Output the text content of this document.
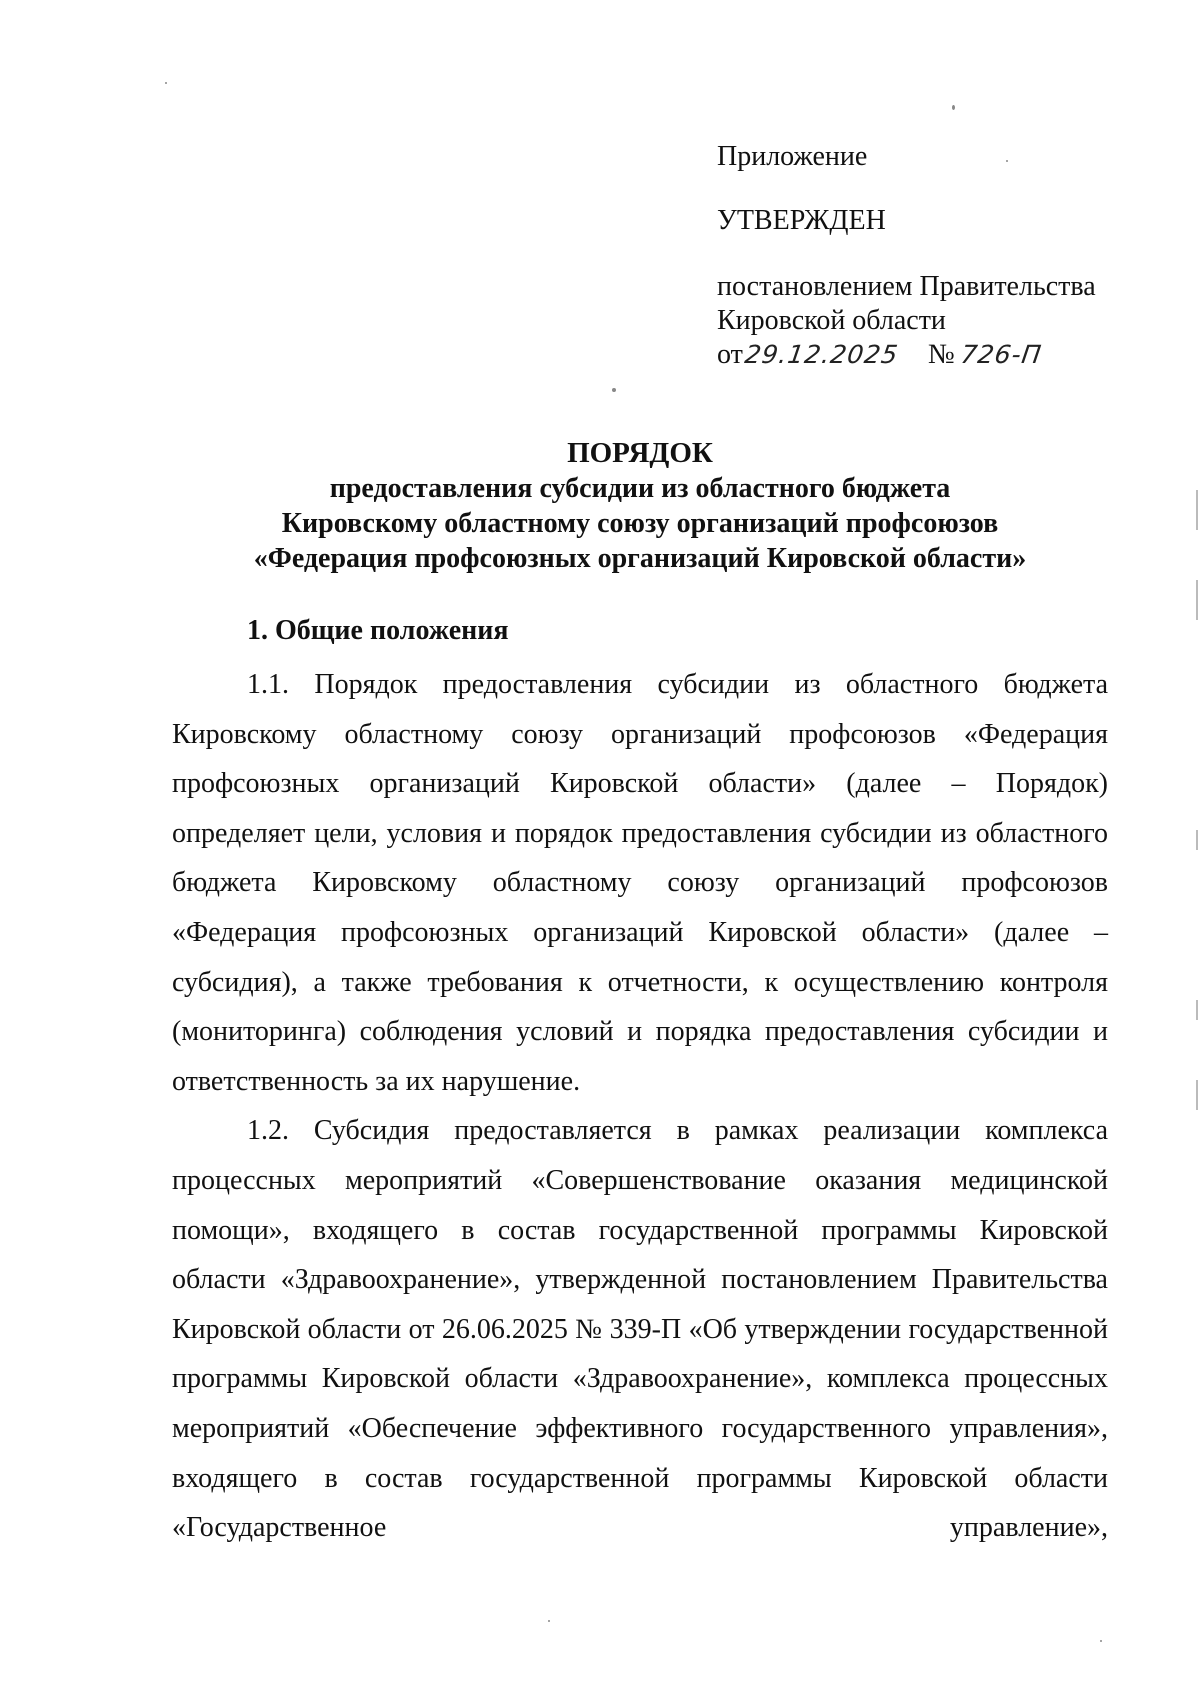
Приложение
УТВЕРЖДЕН
постановлением Правительства
Кировской области
от29.12.2025 № 726-П
ПОРЯДОК
предоставления субсидии из областного бюджета
Кировскому областному союзу организаций профсоюзов
«Федерация профсоюзных организаций Кировской области»
1. Общие положения

1.1. Порядок предоставления субсидии из областного бюджета Кировскому областному союзу организаций профсоюзов «Федерация профсоюзных организаций Кировской области» (далее – Порядок) определяет цели, условия и порядок предоставления субсидии из областного бюджета Кировскому областному союзу организаций профсоюзов «Федерация профсоюзных организаций Кировской области» (далее – субсидия), а также требования к отчетности, к осуществлению контроля (мониторинга) соблюдения условий и порядка предоставления субсидии и ответственность за их нарушение.

1.2. Субсидия предоставляется в рамках реализации комплекса процессных мероприятий «Совершенствование оказания медицинской помощи», входящего в состав государственной программы Кировской области «Здравоохранение», утвержденной постановлением Правительства Кировской области от 26.06.2025 № 339-П «Об утверждении государственной программы Кировской области «Здравоохранение», комплекса процессных мероприятий «Обеспечение эффективного государственного управления», входящего в состав государственной программы Кировской области «Государственное управление»,
